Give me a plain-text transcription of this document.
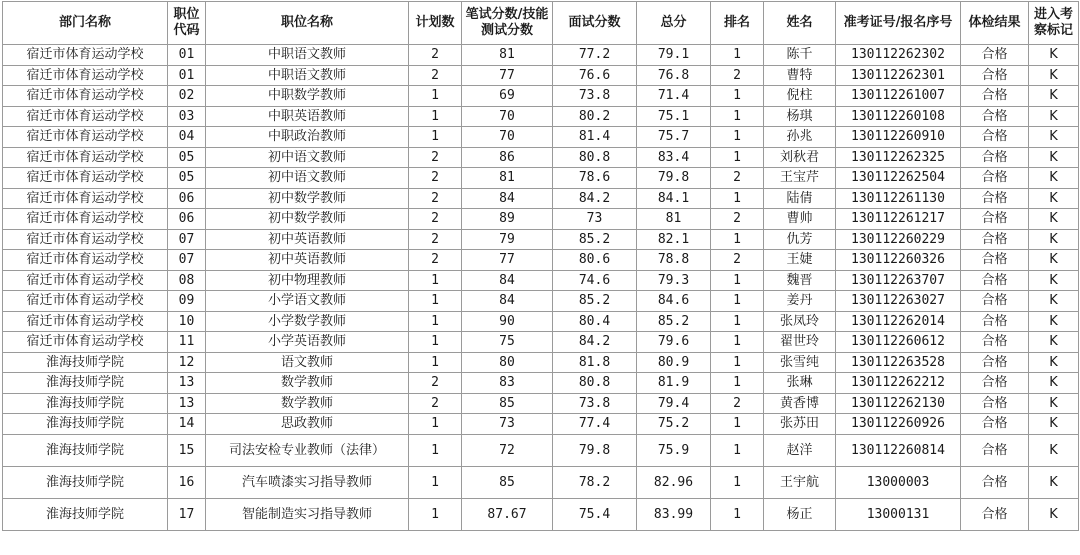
部门名称	职位代码	职位名称	计划数	笔试分数/技能测试分数	面试分数	总分	排名	姓名	准考证号/报名序号	体检结果	进入考察标记
宿迁市体育运动学校	01	中职语文教师	2	81	77.2	79.1	1	陈千	130112262302	合格	K
宿迁市体育运动学校	01	中职语文教师	2	77	76.6	76.8	2	曹特	130112262301	合格	K
宿迁市体育运动学校	02	中职数学教师	1	69	73.8	71.4	1	倪柱	130112261007	合格	K
宿迁市体育运动学校	03	中职英语教师	1	70	80.2	75.1	1	杨琪	130112260108	合格	K
宿迁市体育运动学校	04	中职政治教师	1	70	81.4	75.7	1	孙兆	130112260910	合格	K
宿迁市体育运动学校	05	初中语文教师	2	86	80.8	83.4	1	刘秋君	130112262325	合格	K
宿迁市体育运动学校	05	初中语文教师	2	81	78.6	79.8	2	王宝芹	130112262504	合格	K
宿迁市体育运动学校	06	初中数学教师	2	84	84.2	84.1	1	陆倩	130112261130	合格	K
宿迁市体育运动学校	06	初中数学教师	2	89	73	81	2	曹帅	130112261217	合格	K
宿迁市体育运动学校	07	初中英语教师	2	79	85.2	82.1	1	仇芳	130112260229	合格	K
宿迁市体育运动学校	07	初中英语教师	2	77	80.6	78.8	2	王婕	130112260326	合格	K
宿迁市体育运动学校	08	初中物理教师	1	84	74.6	79.3	1	魏晋	130112263707	合格	K
宿迁市体育运动学校	09	小学语文教师	1	84	85.2	84.6	1	姜丹	130112263027	合格	K
宿迁市体育运动学校	10	小学数学教师	1	90	80.4	85.2	1	张凤玲	130112262014	合格	K
宿迁市体育运动学校	11	小学英语教师	1	75	84.2	79.6	1	翟世玲	130112260612	合格	K
淮海技师学院	12	语文教师	1	80	81.8	80.9	1	张雪纯	130112263528	合格	K
淮海技师学院	13	数学教师	2	83	80.8	81.9	1	张琳	130112262212	合格	K
淮海技师学院	13	数学教师	2	85	73.8	79.4	2	黄香博	130112262130	合格	K
淮海技师学院	14	思政教师	1	73	77.4	75.2	1	张苏田	130112260926	合格	K
淮海技师学院	15	司法安检专业教师（法律）	1	72	79.8	75.9	1	赵洋	130112260814	合格	K
淮海技师学院	16	汽车喷漆实习指导教师	1	85	78.2	82.96	1	王宇航	13000003	合格	K
淮海技师学院	17	智能制造实习指导教师	1	87.67	75.4	83.99	1	杨正	13000131	合格	K
